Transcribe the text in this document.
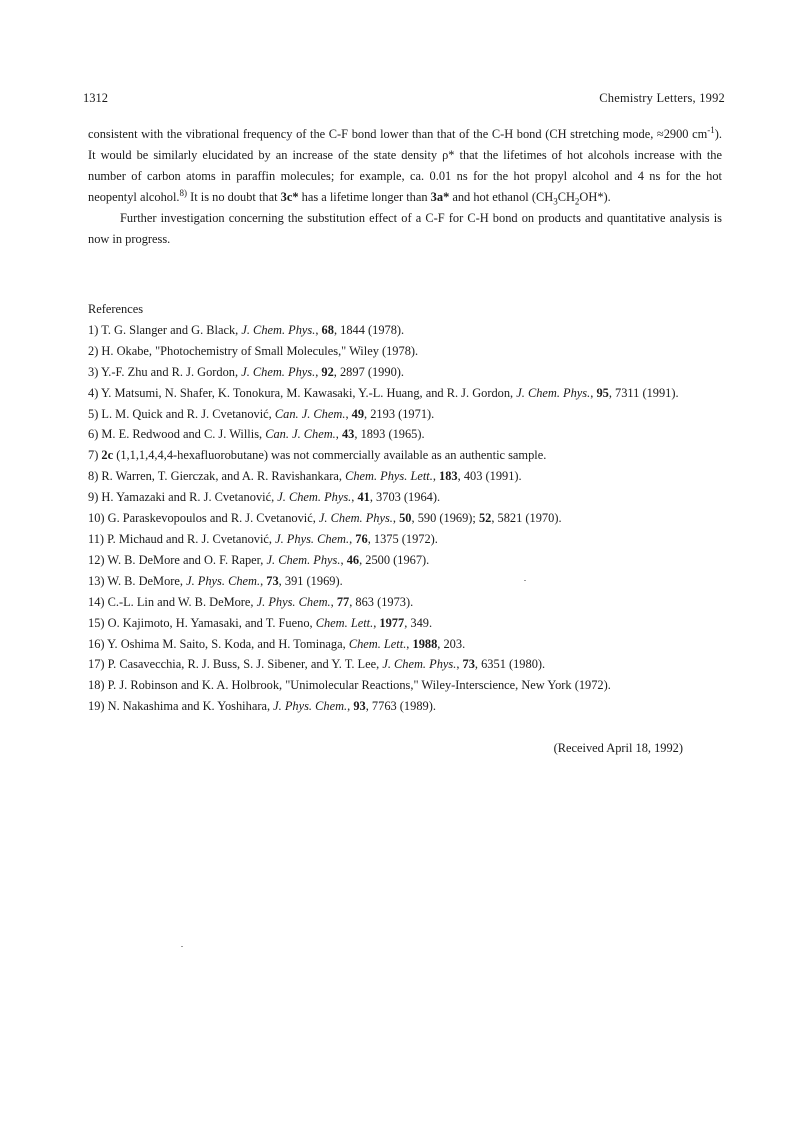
1312	Chemistry Letters, 1992

consistent with the vibrational frequency of the C-F bond lower than that of the C-H bond (CH stretching mode, ≈2900 $cm^{-1}$). It would be similarly elucidated by an increase of the state density ρ* that the lifetimes of hot alcohols increase with the number of carbon atoms in paraffin molecules; for example, ca. 0.01 ns for the hot propyl alcohol and 4 ns for the hot neopentyl alcohol.$^{8)}$ It is no doubt that 3c* has a lifetime longer than 3a* and hot ethanol $(CH_3CH_2OH*)$.

Further investigation concerning the substitution effect of a C-F for C-H bond on products and quantitative analysis is now in progress.

References

1) T. G. Slanger and G. Black, J. Chem. Phys., 68, 1844 (1978).
2) H. Okabe, "Photochemistry of Small Molecules," Wiley (1978).
3) Y.-F. Zhu and R. J. Gordon, J. Chem. Phys., 92, 2897 (1990).
4) Y. Matsumi, N. Shafer, K. Tonokura, M. Kawasaki, Y.-L. Huang, and R. J. Gordon, J. Chem. Phys., 95, 7311 (1991).
5) L. M. Quick and R. J. Cvetanović, Can. J. Chem., 49, 2193 (1971).
6) M. E. Redwood and C. J. Willis, Can. J. Chem., 43, 1893 (1965).
7) 2c (1,1,1,4,4,4-hexafluorobutane) was not commercially available as an authentic sample.
8) R. Warren, T. Gierczak, and A. R. Ravishankara, Chem. Phys. Lett., 183, 403 (1991).
9) H. Yamazaki and R. J. Cvetanović, J. Chem. Phys., 41, 3703 (1964).
10) G. Paraskevopoulos and R. J. Cvetanović, J. Chem. Phys., 50, 590 (1969); 52, 5821 (1970).
11) P. Michaud and R. J. Cvetanović, J. Phys. Chem., 76, 1375 (1972).
12) W. B. DeMore and O. F. Raper, J. Chem. Phys., 46, 2500 (1967).
13) W. B. DeMore, J. Phys. Chem., 73, 391 (1969).
14) C.-L. Lin and W. B. DeMore, J. Phys. Chem., 77, 863 (1973).
15) O. Kajimoto, H. Yamasaki, and T. Fueno, Chem. Lett., 1977, 349.
16) Y. Oshima M. Saito, S. Koda, and H. Tominaga, Chem. Lett., 1988, 203.
17) P. Casavecchia, R. J. Buss, S. J. Sibener, and Y. T. Lee, J. Chem. Phys., 73, 6351 (1980).
18) P. J. Robinson and K. A. Holbrook, "Unimolecular Reactions," Wiley-Interscience, New York (1972).
19) N. Nakashima and K. Yoshihara, J. Phys. Chem., 93, 7763 (1989).
(Received April 18, 1992)
